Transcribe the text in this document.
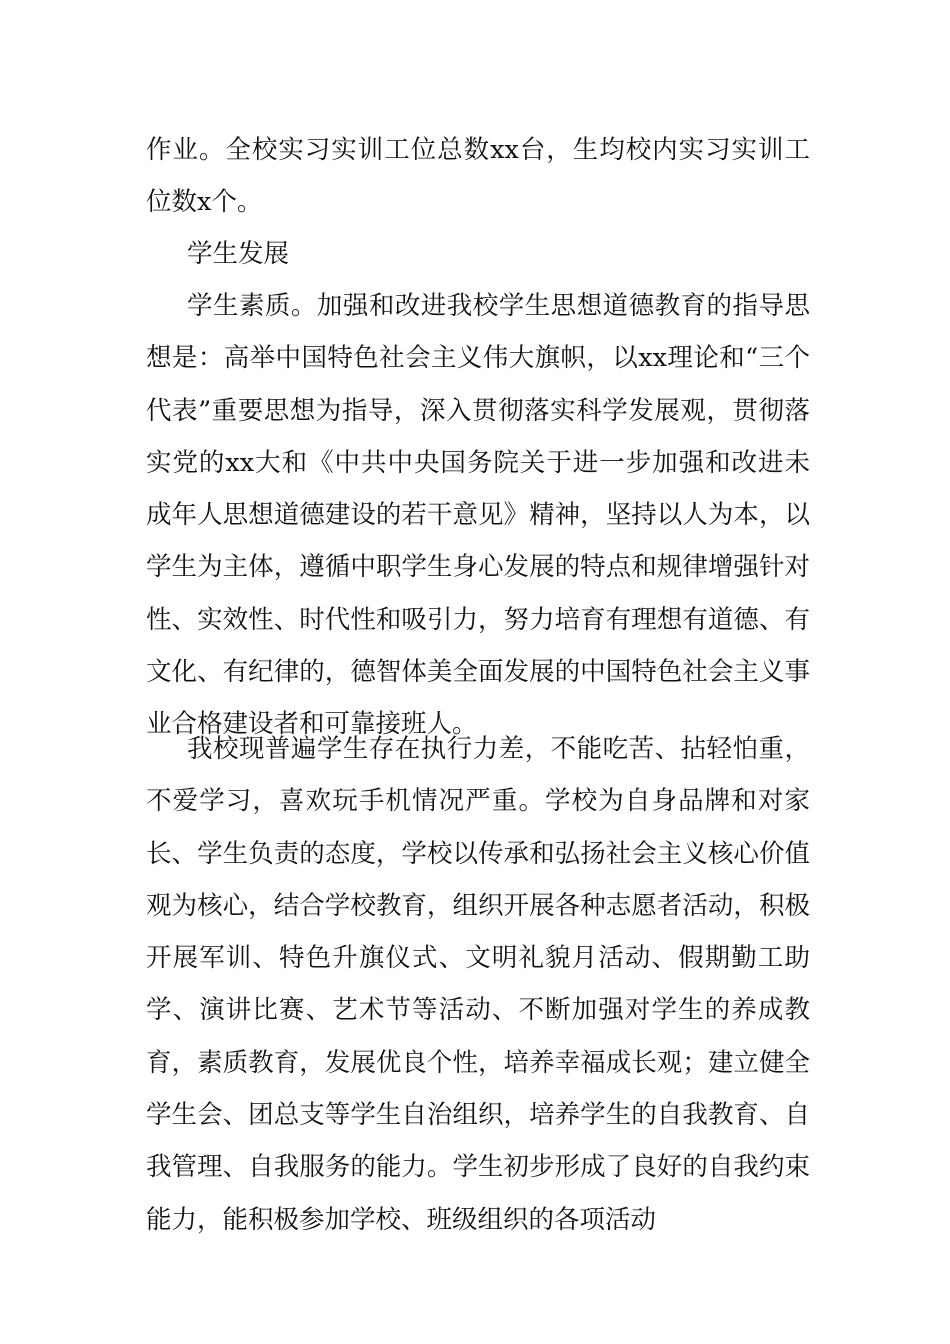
作业。全校实习实训工位总数xx台，生均校内实习实训工位数x个。

学生发展

学生素质。加强和改进我校学生思想道德教育的指导思想是：高举中国特色社会主义伟大旗帜，以xx理论和“三个代表”重要思想为指导，深入贯彻落实科学发展观，贯彻落实党的xx大和《中共中央国务院关于进一步加强和改进未成年人思想道德建设的若干意见》精神，坚持以人为本，以学生为主体，遵循中职学生身心发展的特点和规律增强针对性、实效性、时代性和吸引力，努力培育有理想有道德、有文化、有纪律的，德智体美全面发展的中国特色社会主义事业合格建设者和可靠接班人。

我校现普遍学生存在执行力差，不能吃苦、拈轻怕重，不爱学习，喜欢玩手机情况严重。学校为自身品牌和对家长、学生负责的态度，学校以传承和弘扬社会主义核心价值观为核心，结合学校教育，组织开展各种志愿者活动，积极开展军训、特色升旗仪式、文明礼貌月活动、假期勤工助学、演讲比赛、艺术节等活动、不断加强对学生的养成教育，素质教育，发展优良个性，培养幸福成长观；建立健全学生会、团总支等学生自治组织，培养学生的自我教育、自我管理、自我服务的能力。学生初步形成了良好的自我约束能力，能积极参加学校、班级组织的各项活动
